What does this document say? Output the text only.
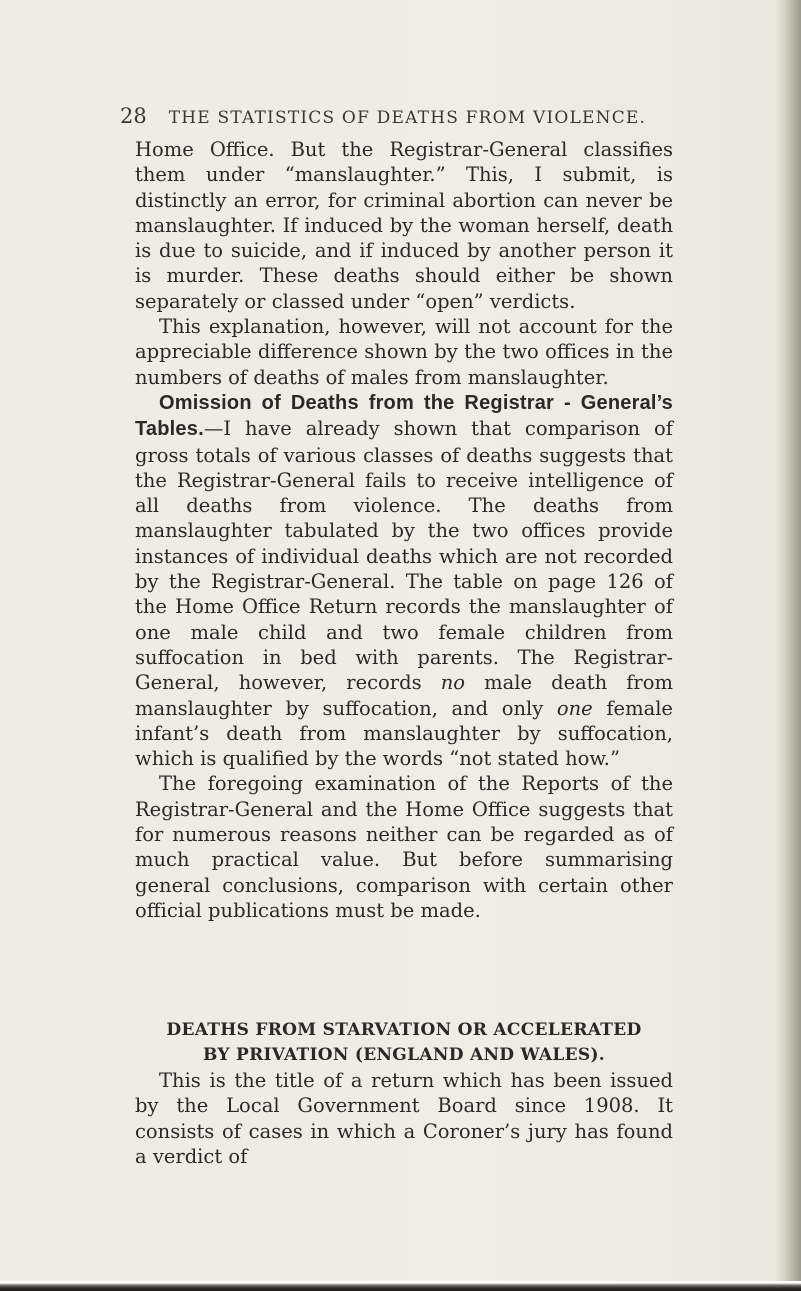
28 THE STATISTICS OF DEATHS FROM VIOLENCE.

Home Office. But the Registrar-General classifies them under “manslaughter.” This, I submit, is distinctly an error, for criminal abortion can never be manslaughter. If induced by the woman herself, death is due to suicide, and if induced by another person it is murder. These deaths should either be shown separately or classed under “open” verdicts.

This explanation, however, will not account for the appreciable difference shown by the two offices in the numbers of deaths of males from manslaughter.

Omission of Deaths from the Registrar - General’s Tables.—I have already shown that comparison of gross totals of various classes of deaths suggests that the Registrar-General fails to receive intelligence of all deaths from violence. The deaths from manslaughter tabulated by the two offices provide instances of individual deaths which are not recorded by the Registrar-General. The table on page 126 of the Home Office Return records the manslaughter of one male child and two female children from suffocation in bed with parents. The Registrar-General, however, records no male death from manslaughter by suffocation, and only one female infant’s death from manslaughter by suffocation, which is qualified by the words “not stated how.”

The foregoing examination of the Reports of the Registrar-General and the Home Office suggests that for numerous reasons neither can be regarded as of much practical value. But before summarising general conclusions, comparison with certain other official publications must be made.

DEATHS FROM STARVATION OR ACCELERATED
BY PRIVATION (ENGLAND AND WALES).

This is the title of a return which has been issued by the Local Government Board since 1908. It consists of cases in which a Coroner’s jury has found a verdict of
